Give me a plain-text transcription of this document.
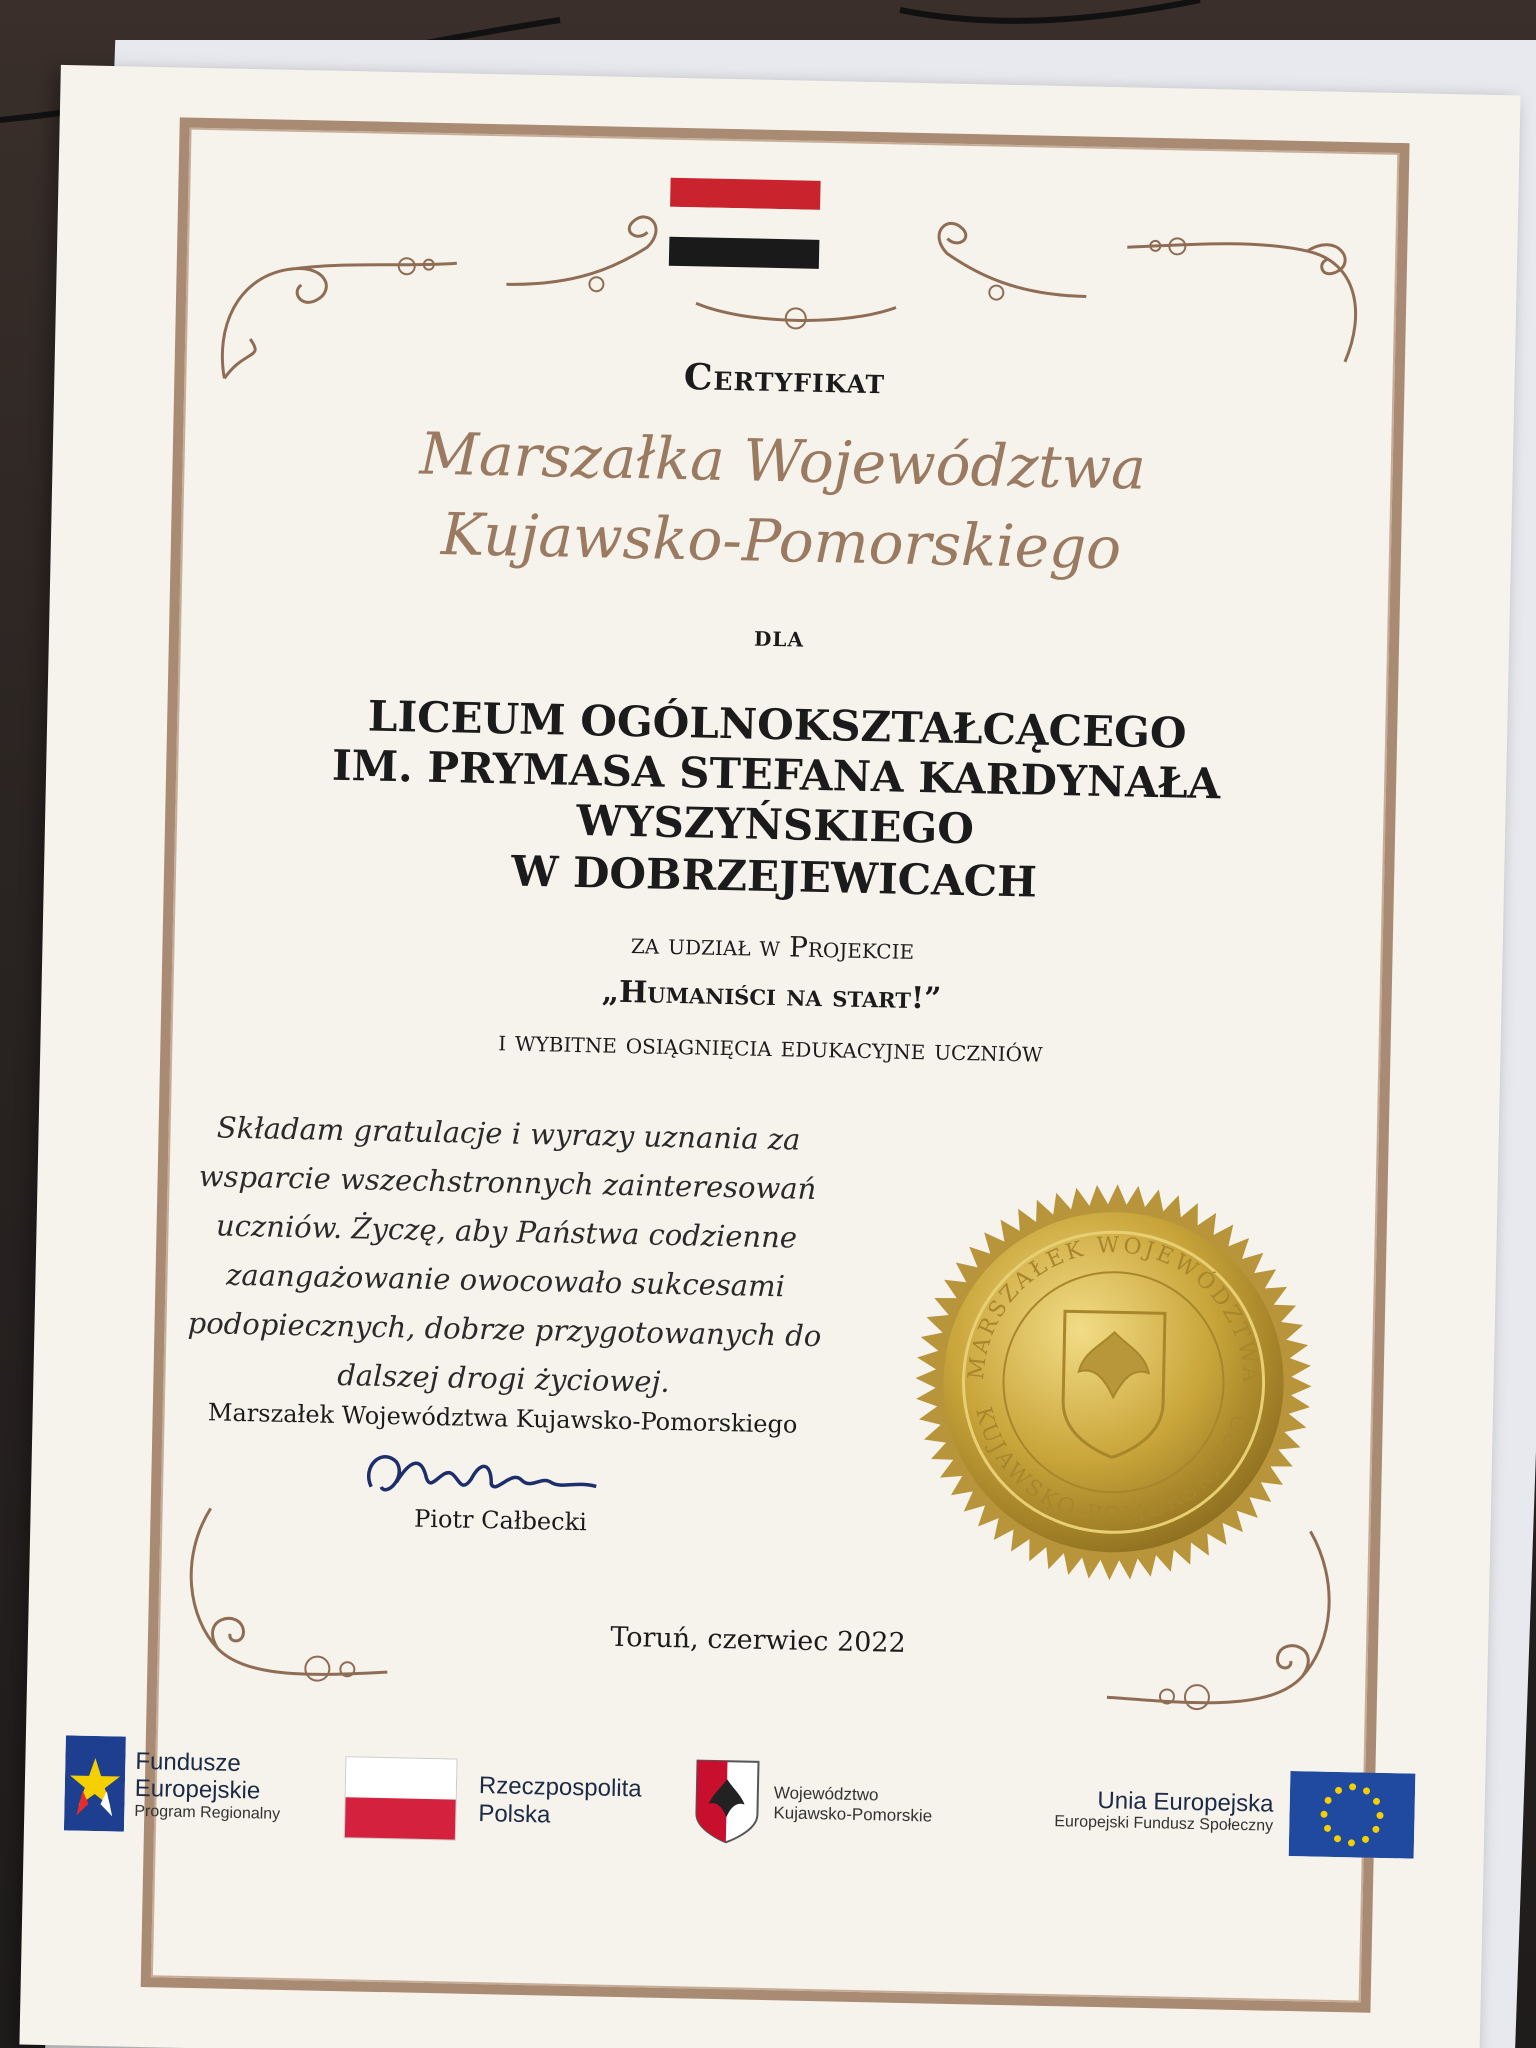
Certyfikat
Marszałka Województwa
Kujawsko-Pomorskiego
dla
LICEUM OGÓLNOKSZTAŁCĄCEGO
IM. PRYMASA STEFANA KARDYNAŁA
WYSZYŃSKIEGO
W DOBRZEJEWICACH
za udział w Projekcie
„Humaniści na start!”
i wybitne osiągnięcia edukacyjne uczniów
Składam gratulacje i wyrazy uznania za
wsparcie wszechstronnych zainteresowań
uczniów. Życzę, aby Państwa codzienne
zaangażowanie owocowało sukcesami
podopiecznych, dobrze przygotowanych do
dalszej drogi życiowej.
Marszałek Województwa Kujawsko-Pomorskiego
Piotr Całbecki
Toruń, czerwiec 2022
MARSZAŁEK WOJEWÓDZTWA
KUJAWSKO-POMORSKIEGO
Fundusze
Europejskie
Program Regionalny
Rzeczpospolita
Polska
Województwo
Kujawsko-Pomorskie	Unia Europejska
Europejski Fundusz Społeczny
